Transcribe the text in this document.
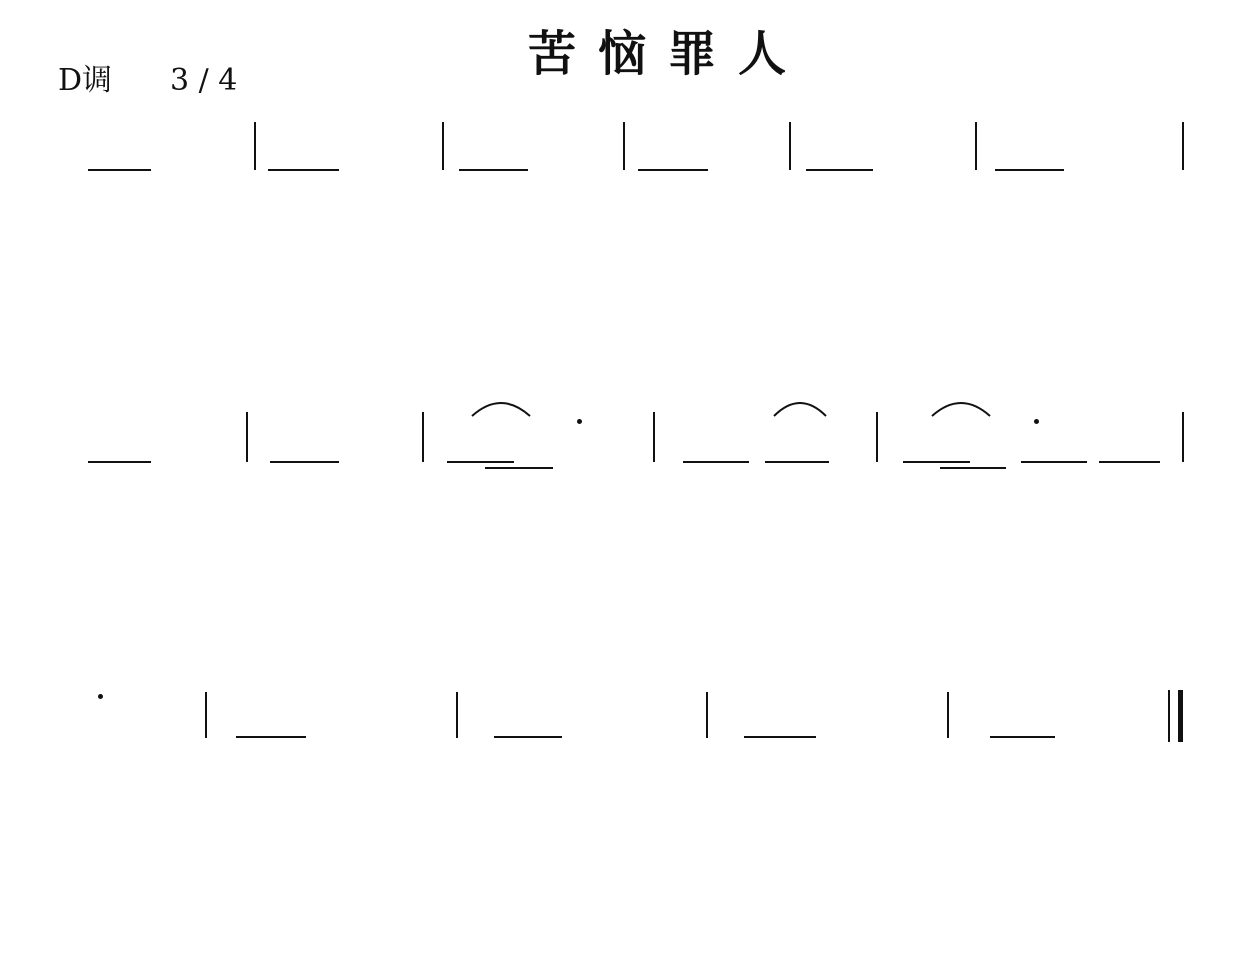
苦恼罪人
D调 3 / 4
